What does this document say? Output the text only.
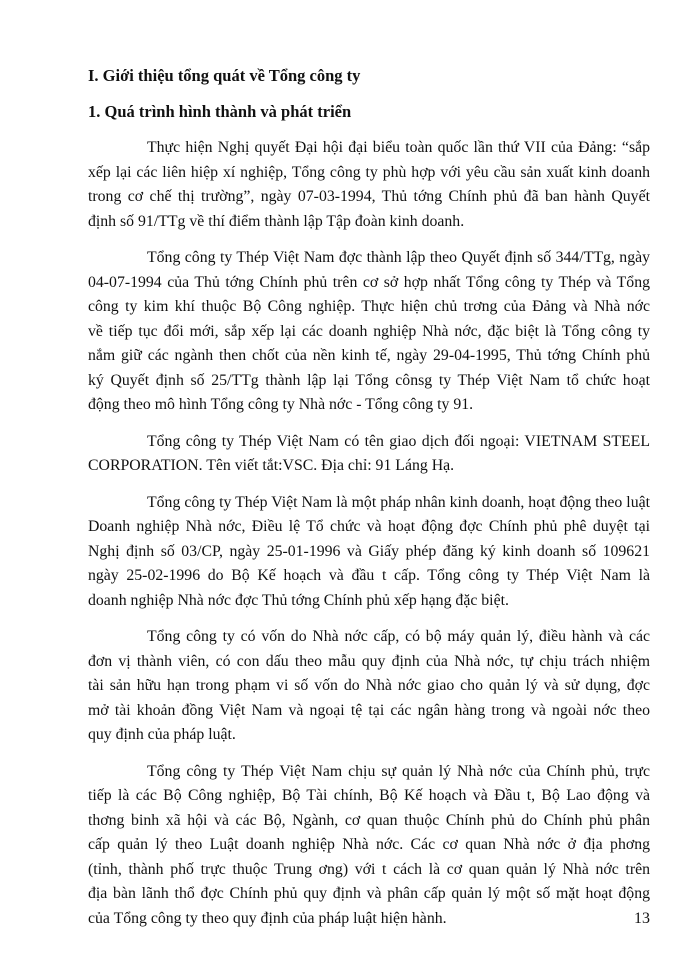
I. Giới thiệu tổng quát về Tổng công ty
1. Quá trình hình thành và phát triển

Thực hiện Nghị quyết Đại hội đại biểu toàn quốc lần thứ VII của Đảng: “sắp
xếp lại các liên hiệp xí nghiệp, Tổng công ty phù hợp với yêu cầu sản xuất kinh doanh
trong cơ chế thị trường”, ngày 07-03-1994, Thủ tớng Chính phủ đã ban hành Quyết
định số 91/TTg về thí điểm thành lập Tập đoàn kinh doanh.

Tổng công ty Thép Việt Nam đợc thành lập theo Quyết định số 344/TTg, ngày
04-07-1994 của Thủ tớng Chính phủ trên cơ sở hợp nhất Tổng công ty Thép và Tổng
công ty kim khí thuộc Bộ Công nghiệp. Thực hiện chủ trơng của Đảng và Nhà nớc
về tiếp tục đổi mới, sắp xếp lại các doanh nghiệp Nhà nớc, đặc biệt là Tổng công ty
nắm giữ các ngành then chốt của nền kinh tế, ngày 29-04-1995, Thủ tớng Chính phủ
ký Quyết định số 25/TTg thành lập lại Tổng cônsg ty Thép Việt Nam tổ chức hoạt
động theo mô hình Tổng công ty Nhà nớc - Tổng công ty 91.

Tổng công ty Thép Việt Nam có tên giao dịch đối ngoại: VIETNAM STEEL
CORPORATION. Tên viết tắt:VSC. Địa chỉ: 91 Láng Hạ.

Tổng công ty Thép Việt Nam là một pháp nhân kinh doanh, hoạt động theo luật
Doanh nghiệp Nhà nớc, Điều lệ Tổ chức và hoạt động đợc Chính phủ phê duyệt tại
Nghị định số 03/CP, ngày 25-01-1996 và Giấy phép đăng ký kinh doanh số 109621
ngày 25-02-1996 do Bộ Kế hoạch và đầu t cấp. Tổng công ty Thép Việt Nam là
doanh nghiệp Nhà nớc đợc Thủ tớng Chính phủ xếp hạng đặc biệt.

Tổng công ty có vốn do Nhà nớc cấp, có bộ máy quản lý, điều hành và các
đơn vị thành viên, có con dấu theo mẫu quy định của Nhà nớc, tự chịu trách nhiệm
tài sản hữu hạn trong phạm vi số vốn do Nhà nớc giao cho quản lý và sử dụng, đợc
mở tài khoản đồng Việt Nam và ngoại tệ tại các ngân hàng trong và ngoài nớc theo
quy định của pháp luật.

Tổng công ty Thép Việt Nam chịu sự quản lý Nhà nớc của Chính phủ, trực
tiếp là các Bộ Công nghiệp, Bộ Tài chính, Bộ Kế hoạch và Đầu t, Bộ Lao động và
thơng binh xã hội và các Bộ, Ngành, cơ quan thuộc Chính phủ do Chính phủ phân
cấp quản lý theo Luật doanh nghiệp Nhà nớc. Các cơ quan Nhà nớc ở địa phơng
(tỉnh, thành phố trực thuộc Trung ơng) với t cách là cơ quan quản lý Nhà nớc trên
địa bàn lãnh thổ đợc Chính phủ quy định và phân cấp quản lý một số mặt hoạt động
của Tổng công ty theo quy định của pháp luật hiện hành.	13
